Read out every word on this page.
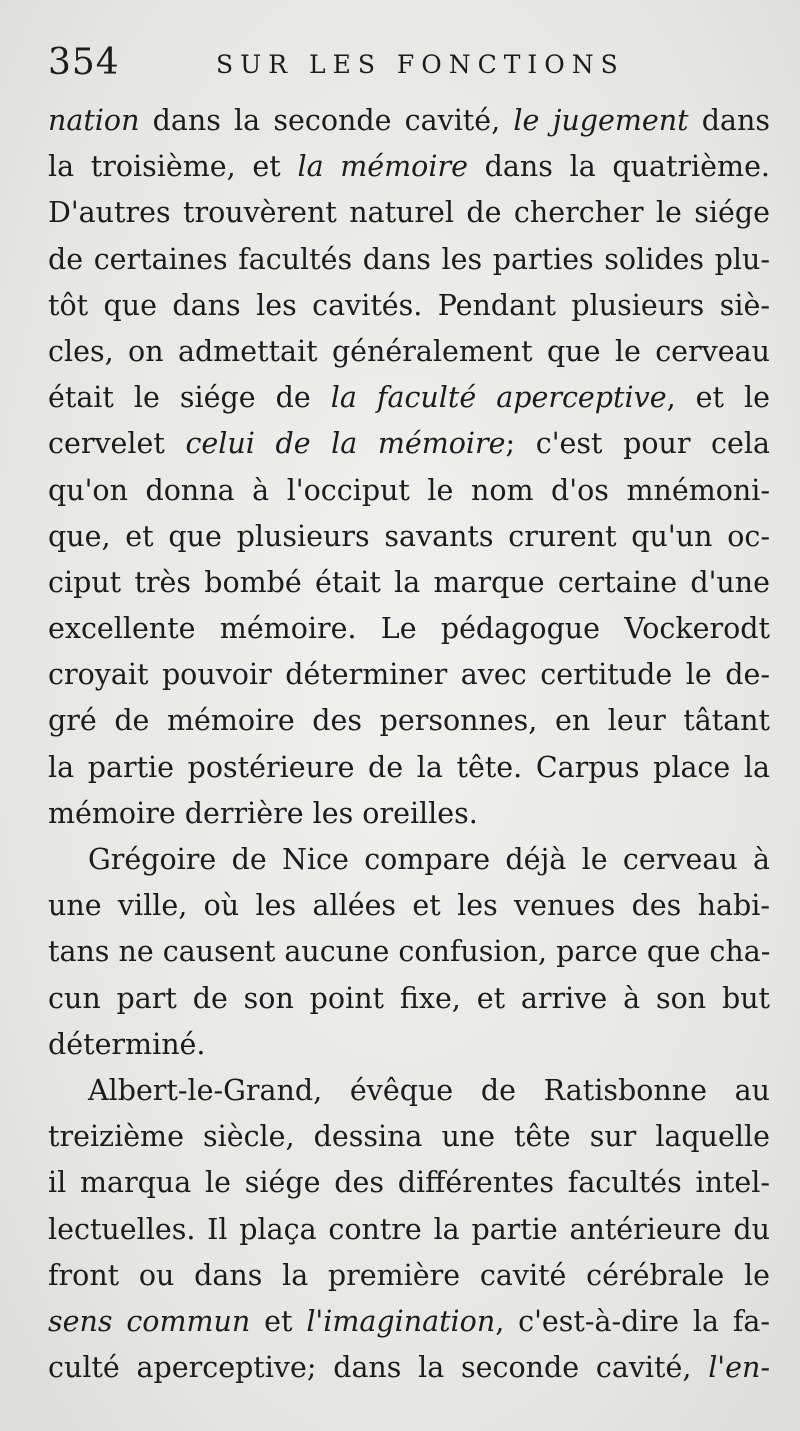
354	SUR LES FONCTIONS
nation dans la seconde cavité, le jugement dans
la troisième, et la mémoire dans la quatrième.
D'autres trouvèrent naturel de chercher le siége
de certaines facultés dans les parties solides plu-
tôt que dans les cavités. Pendant plusieurs siè-
cles, on admettait généralement que le cerveau
était le siége de la faculté aperceptive, et le
cervelet celui de la mémoire; c'est pour cela
qu'on donna à l'occiput le nom d'os mnémoni-
que, et que plusieurs savants crurent qu'un oc-
ciput très bombé était la marque certaine d'une
excellente mémoire. Le pédagogue Vockerodt
croyait pouvoir déterminer avec certitude le de-
gré de mémoire des personnes, en leur tâtant
la partie postérieure de la tête. Carpus place la
mémoire derrière les oreilles.
Grégoire de Nice compare déjà le cerveau à
une ville, où les allées et les venues des habi-
tans ne causent aucune confusion, parce que cha-
cun part de son point fixe, et arrive à son but
déterminé.
Albert-le-Grand, évêque de Ratisbonne au
treizième siècle, dessina une tête sur laquelle
il marqua le siége des différentes facultés intel-
lectuelles. Il plaça contre la partie antérieure du
front ou dans la première cavité cérébrale le
sens commun et l'imagination, c'est-à-dire la fa-
culté aperceptive; dans la seconde cavité, l'en-
